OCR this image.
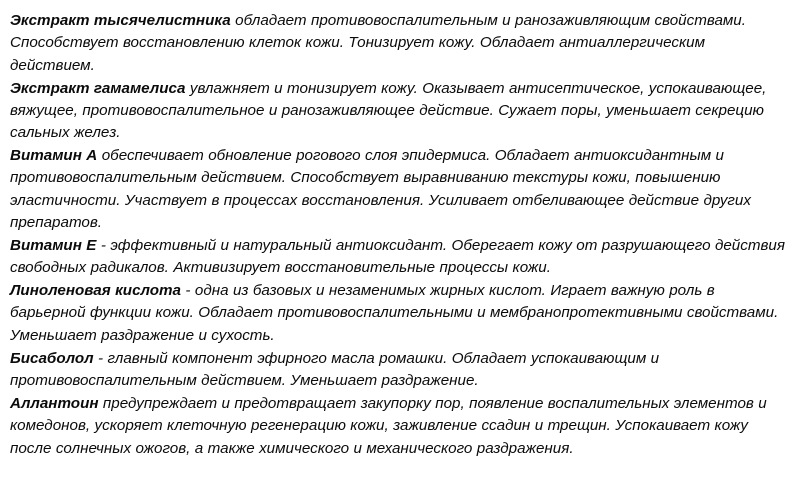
Экстракт тысячелистника обладает противовоспалительным и ранозаживляющим свойствами. Способствует восстановлению клеток кожи. Тонизирует кожу. Обладает антиаллергическим действием.

Экстракт гамамелиса увлажняет и тонизирует кожу. Оказывает антисептическое, успокаивающее, вяжущее, противовоспалительное и ранозаживляющее действие. Сужает поры, уменьшает секрецию сальных желез.

Витамин А обеспечивает обновление рогового слоя эпидермиса. Обладает антиоксидантным и противовоспалительным действием. Способствует выравниванию текстуры кожи, повышению эластичности. Участвует в процессах восстановления. Усиливает отбеливающее действие других препаратов.

Витамин Е - эффективный и натуральный антиоксидант. Оберегает кожу от разрушающего действия свободных радикалов. Активизирует восстановительные процессы кожи.

Линоленовая кислота - одна из базовых и незаменимых жирных кислот. Играет важную роль в барьерной функции кожи. Обладает противовоспалительными и мембранопротективными свойствами. Уменьшает раздражение и сухость.

Бисаболол - главный компонент эфирного масла ромашки. Обладает успокаивающим и противовоспалительным действием. Уменьшает раздражение.

Аллантоин предупреждает и предотвращает закупорку пор, появление воспалительных элементов и комедонов, ускоряет клеточную регенерацию кожи, заживление ссадин и трещин. Успокаивает кожу после солнечных ожогов, а также химического и механического раздражения.
